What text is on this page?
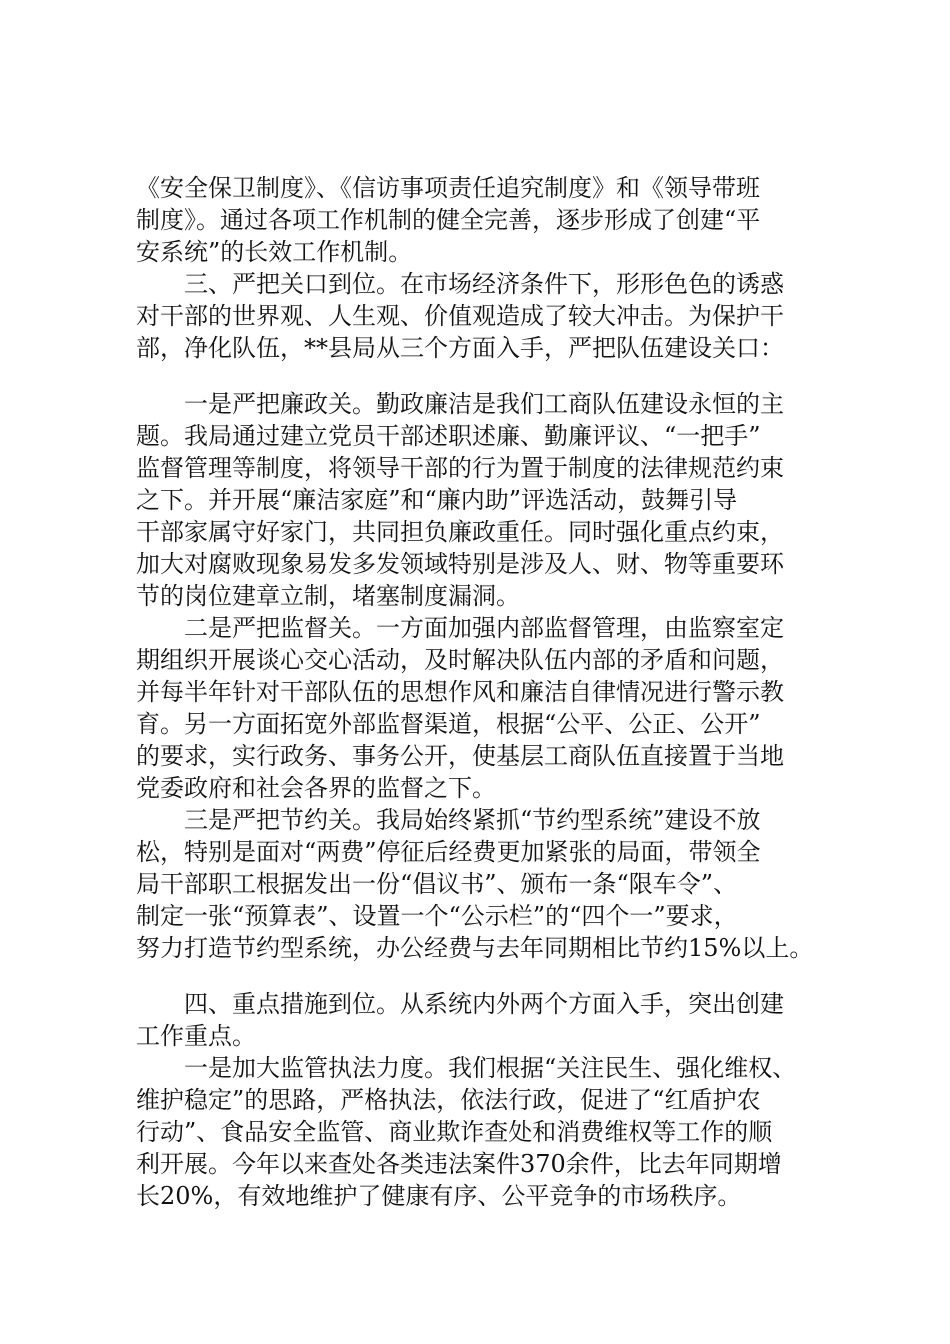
《安全保卫制度》、《信访事项责任追究制度》和《领导带班
制度》。通过各项工作机制的健全完善，逐步形成了创建“平
安系统”的长效工作机制。
三、严把关口到位。在市场经济条件下，形形色色的诱惑
对干部的世界观、人生观、价值观造成了较大冲击。为保护干
部，净化队伍，**县局从三个方面入手，严把队伍建设关口：
一是严把廉政关。勤政廉洁是我们工商队伍建设永恒的主
题。我局通过建立党员干部述职述廉、勤廉评议、“一把手”
监督管理等制度，将领导干部的行为置于制度的法律规范约束
之下。并开展“廉洁家庭”和“廉内助”评选活动，鼓舞引导
干部家属守好家门，共同担负廉政重任。同时强化重点约束，
加大对腐败现象易发多发领域特别是涉及人、财、物等重要环
节的岗位建章立制，堵塞制度漏洞。
二是严把监督关。一方面加强内部监督管理，由监察室定
期组织开展谈心交心活动，及时解决队伍内部的矛盾和问题，
并每半年针对干部队伍的思想作风和廉洁自律情况进行警示教
育。另一方面拓宽外部监督渠道，根据“公平、公正、公开”
的要求，实行政务、事务公开，使基层工商队伍直接置于当地
党委政府和社会各界的监督之下。
三是严把节约关。我局始终紧抓“节约型系统”建设不放
松，特别是面对“两费”停征后经费更加紧张的局面，带领全
局干部职工根据发出一份“倡议书”、颁布一条“限车令”、
制定一张“预算表”、设置一个“公示栏”的“四个一”要求，
努力打造节约型系统，办公经费与去年同期相比节约15%以上。
四、重点措施到位。从系统内外两个方面入手，突出创建
工作重点。
一是加大监管执法力度。我们根据“关注民生、强化维权、
维护稳定”的思路，严格执法，依法行政，促进了“红盾护农
行动”、食品安全监管、商业欺诈查处和消费维权等工作的顺
利开展。今年以来查处各类违法案件370余件，比去年同期增
长20%，有效地维护了健康有序、公平竞争的市场秩序。
